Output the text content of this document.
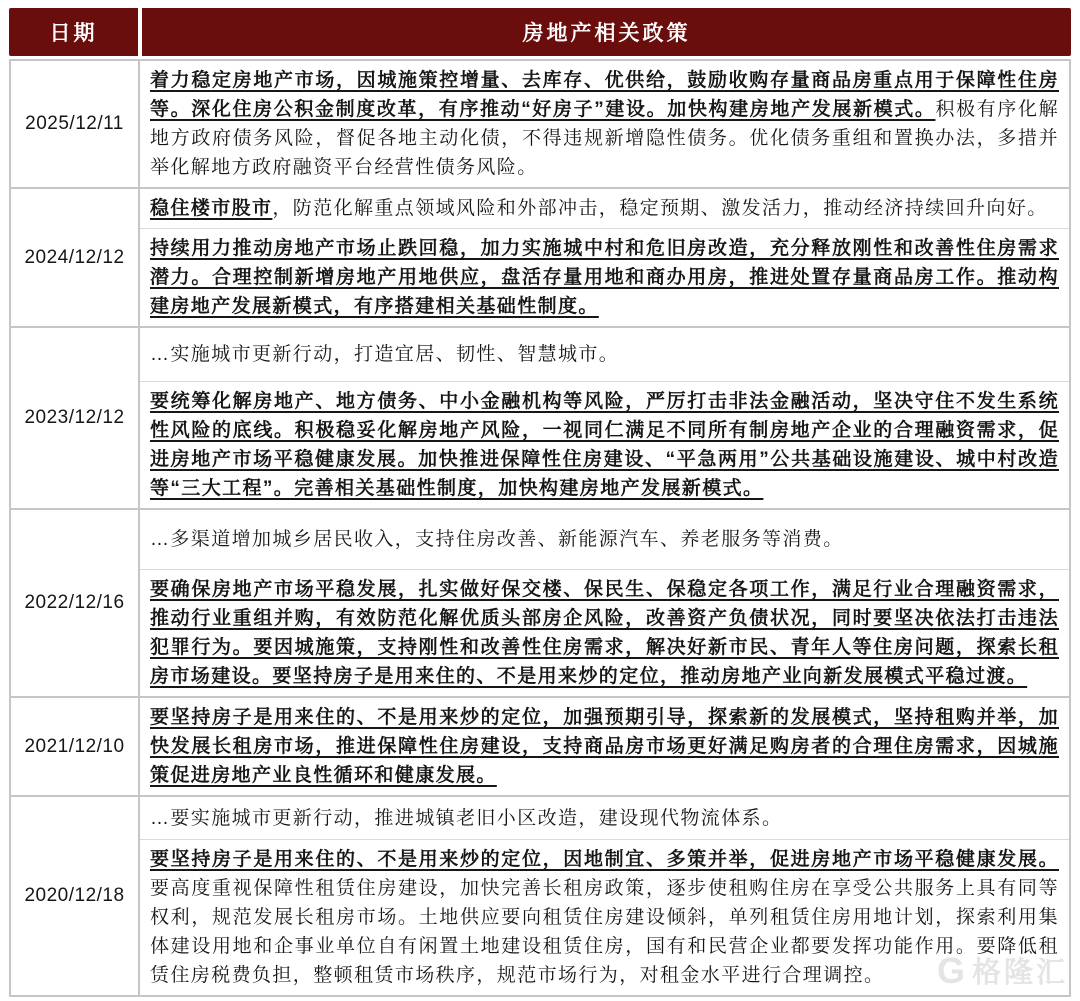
日期	房地产相关政策
2025/12/11
着力稳定房地产市场，因城施策控增量、去库存、优供给，鼓励收购存量商品房重点用于保障性住房等。深化住房公积金制度改革，有序推动“好房子”建设。加快构建房地产发展新模式。积极有序化解地方政府债务风险，督促各地主动化债，不得违规新增隐性债务。优化债务重组和置换办法，多措并举化解地方政府融资平台经营性债务风险。
2024/12/12
稳住楼市股市，防范化解重点领域风险和外部冲击，稳定预期、激发活力，推动经济持续回升向好。
持续用力推动房地产市场止跌回稳，加力实施城中村和危旧房改造，充分释放刚性和改善性住房需求潜力。合理控制新增房地产用地供应，盘活存量用地和商办用房，推进处置存量商品房工作。推动构建房地产发展新模式，有序搭建相关基础性制度。
2023/12/12
…实施城市更新行动，打造宜居、韧性、智慧城市。
要统筹化解房地产、地方债务、中小金融机构等风险，严厉打击非法金融活动，坚决守住不发生系统性风险的底线。积极稳妥化解房地产风险，一视同仁满足不同所有制房地产企业的合理融资需求，促进房地产市场平稳健康发展。加快推进保障性住房建设、“平急两用”公共基础设施建设、城中村改造等“三大工程”。完善相关基础性制度，加快构建房地产发展新模式。
2022/12/16
…多渠道增加城乡居民收入，支持住房改善、新能源汽车、养老服务等消费。
要确保房地产市场平稳发展，扎实做好保交楼、保民生、保稳定各项工作，满足行业合理融资需求，推动行业重组并购，有效防范化解优质头部房企风险，改善资产负债状况，同时要坚决依法打击违法犯罪行为。要因城施策，支持刚性和改善性住房需求，解决好新市民、青年人等住房问题，探索长租房市场建设。要坚持房子是用来住的、不是用来炒的定位，推动房地产业向新发展模式平稳过渡。
2021/12/10
要坚持房子是用来住的、不是用来炒的定位，加强预期引导，探索新的发展模式，坚持租购并举，加快发展长租房市场，推进保障性住房建设，支持商品房市场更好满足购房者的合理住房需求，因城施策促进房地产业良性循环和健康发展。
2020/12/18
…要实施城市更新行动，推进城镇老旧小区改造，建设现代物流体系。
要坚持房子是用来住的、不是用来炒的定位，因地制宜、多策并举，促进房地产市场平稳健康发展。要高度重视保障性租赁住房建设，加快完善长租房政策，逐步使租购住房在享受公共服务上具有同等权利，规范发展长租房市场。土地供应要向租赁住房建设倾斜，单列租赁住房用地计划，探索利用集体建设用地和企事业单位自有闲置土地建设租赁住房，国有和民营企业都要发挥功能作用。要降低租赁住房税费负担，整顿租赁市场秩序，规范市场行为，对租金水平进行合理调控。	G 格隆汇
